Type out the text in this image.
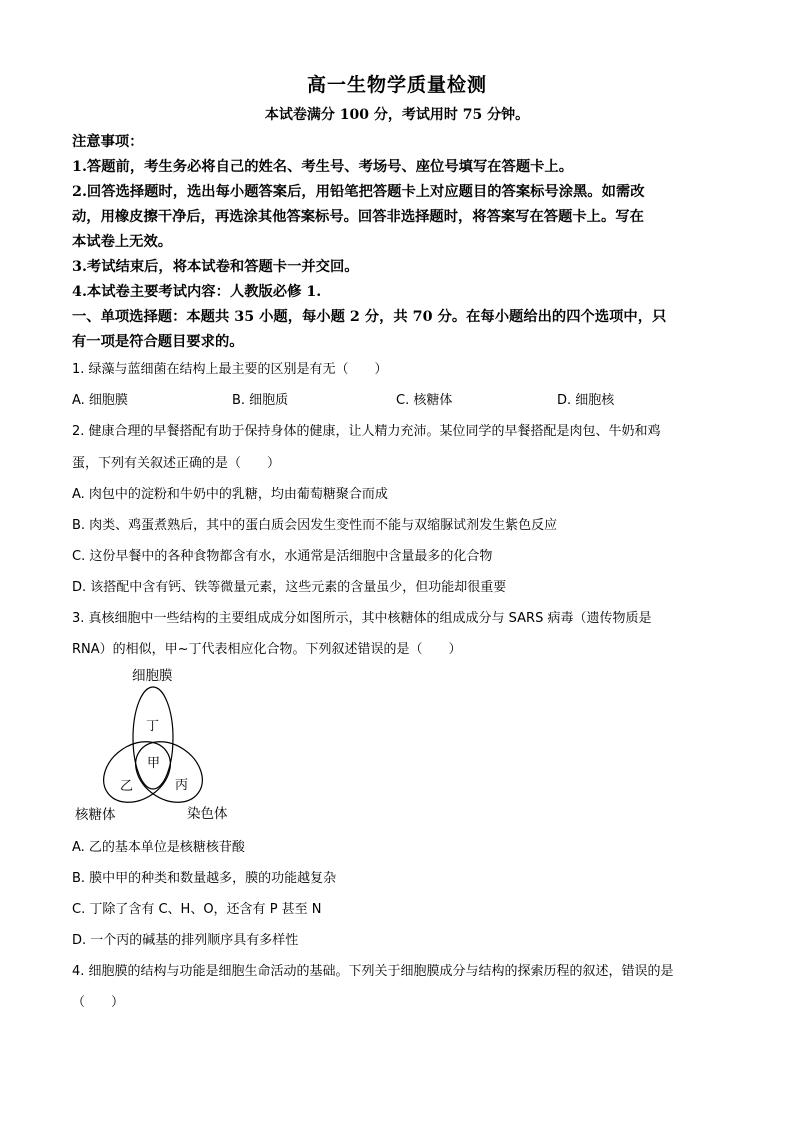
高一生物学质量检测
本试卷满分 100 分，考试用时 75 分钟。
注意事项：
1.答题前，考生务必将自己的姓名、考生号、考场号、座位号填写在答题卡上。
2.回答选择题时，选出每小题答案后，用铅笔把答题卡上对应题目的答案标号涂黑。如需改
动，用橡皮擦干净后，再选涂其他答案标号。回答非选择题时，将答案写在答题卡上。写在
本试卷上无效。
3.考试结束后，将本试卷和答题卡一并交回。
4.本试卷主要考试内容：人教版必修 1.
一、单项选择题：本题共 35 小题，每小题 2 分，共 70 分。在每小题给出的四个选项中，只
有一项是符合题目要求的。
1. 绿藻与蓝细菌在结构上最主要的区别是有无（　　）
A. 细胞膜	B. 细胞质	C. 核糖体	D. 细胞核
2. 健康合理的早餐搭配有助于保持身体的健康，让人精力充沛。某位同学的早餐搭配是肉包、牛奶和鸡
蛋，下列有关叙述正确的是（　　）
A. 肉包中的淀粉和牛奶中的乳糖，均由葡萄糖聚合而成
B. 肉类、鸡蛋煮熟后，其中的蛋白质会因发生变性而不能与双缩脲试剂发生紫色反应
C. 这份早餐中的各种食物都含有水，水通常是活细胞中含量最多的化合物
D. 该搭配中含有钙、铁等微量元素，这些元素的含量虽少，但功能却很重要
3. 真核细胞中一些结构的主要组成成分如图所示，其中核糖体的组成成分与 SARS 病毒（遗传物质是
RNA）的相似，甲~丁代表相应化合物。下列叙述错误的是（　　）
细胞膜
丁
甲
乙	丙
核糖体	染色体
A. 乙的基本单位是核糖核苷酸
B. 膜中甲的种类和数量越多，膜的功能越复杂
C. 丁除了含有 C、H、O，还含有 P 甚至 N
D. 一个丙的碱基的排列顺序具有多样性
4. 细胞膜的结构与功能是细胞生命活动的基础。下列关于细胞膜成分与结构的探索历程的叙述，错误的是
（　　）
